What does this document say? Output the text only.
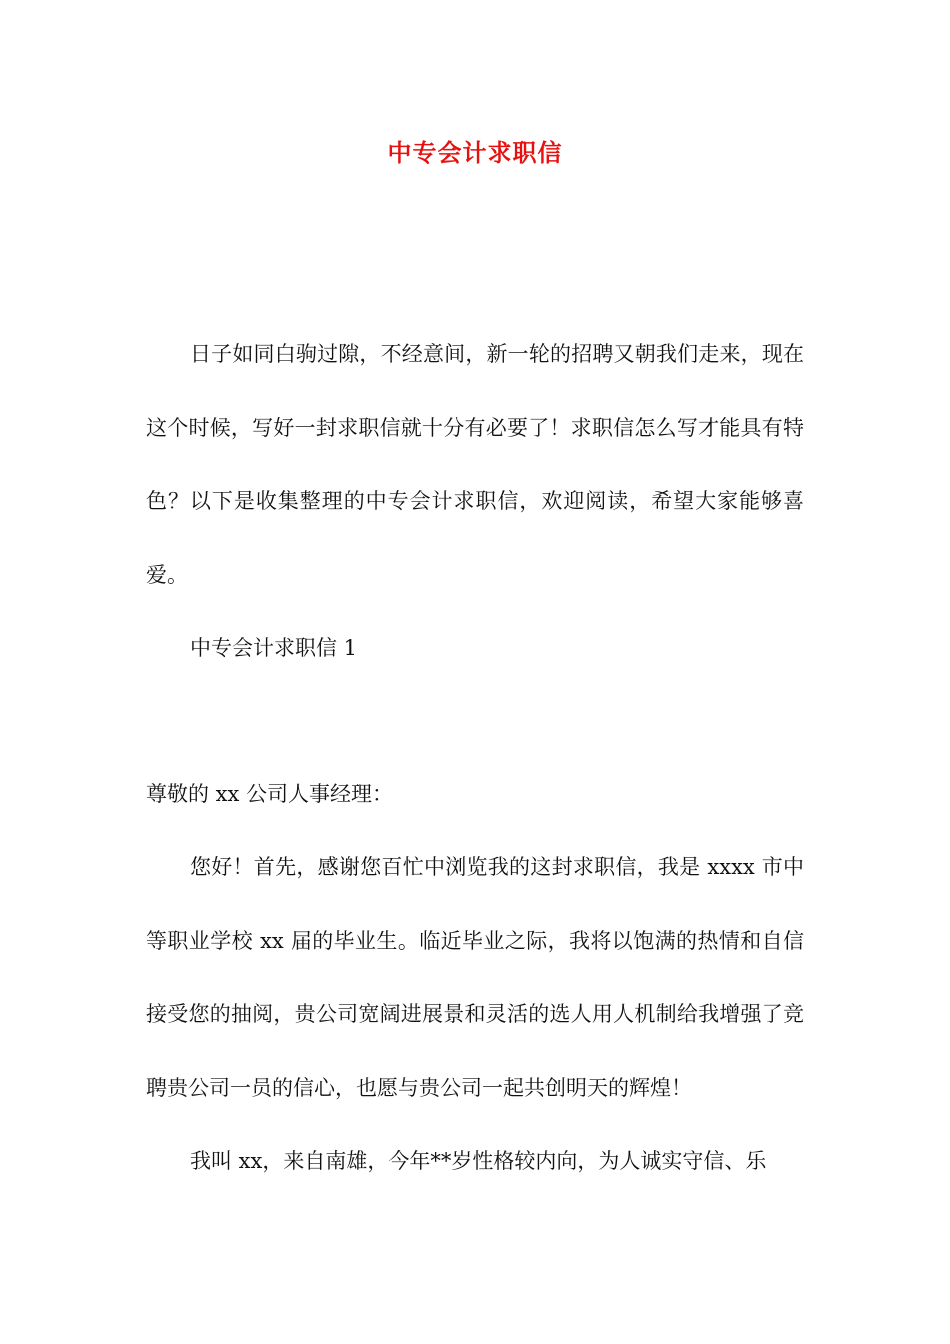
中专会计求职信

日子如同白驹过隙，不经意间，新一轮的招聘又朝我们走来，现在这个时候，写好一封求职信就十分有必要了！求职信怎么写才能具有特色？以下是收集整理的中专会计求职信，欢迎阅读，希望大家能够喜爱。

中专会计求职信 1

尊敬的 xx 公司人事经理：

您好！首先，感谢您百忙中浏览我的这封求职信，我是 xxxx 市中等职业学校 xx 届的毕业生。临近毕业之际，我将以饱满的热情和自信接受您的抽阅，贵公司宽阔进展景和灵活的选人用人机制给我增强了竞聘贵公司一员的信心，也愿与贵公司一起共创明天的辉煌！

我叫 xx，来自南雄，今年**岁性格较内向，为人诚实守信、乐
